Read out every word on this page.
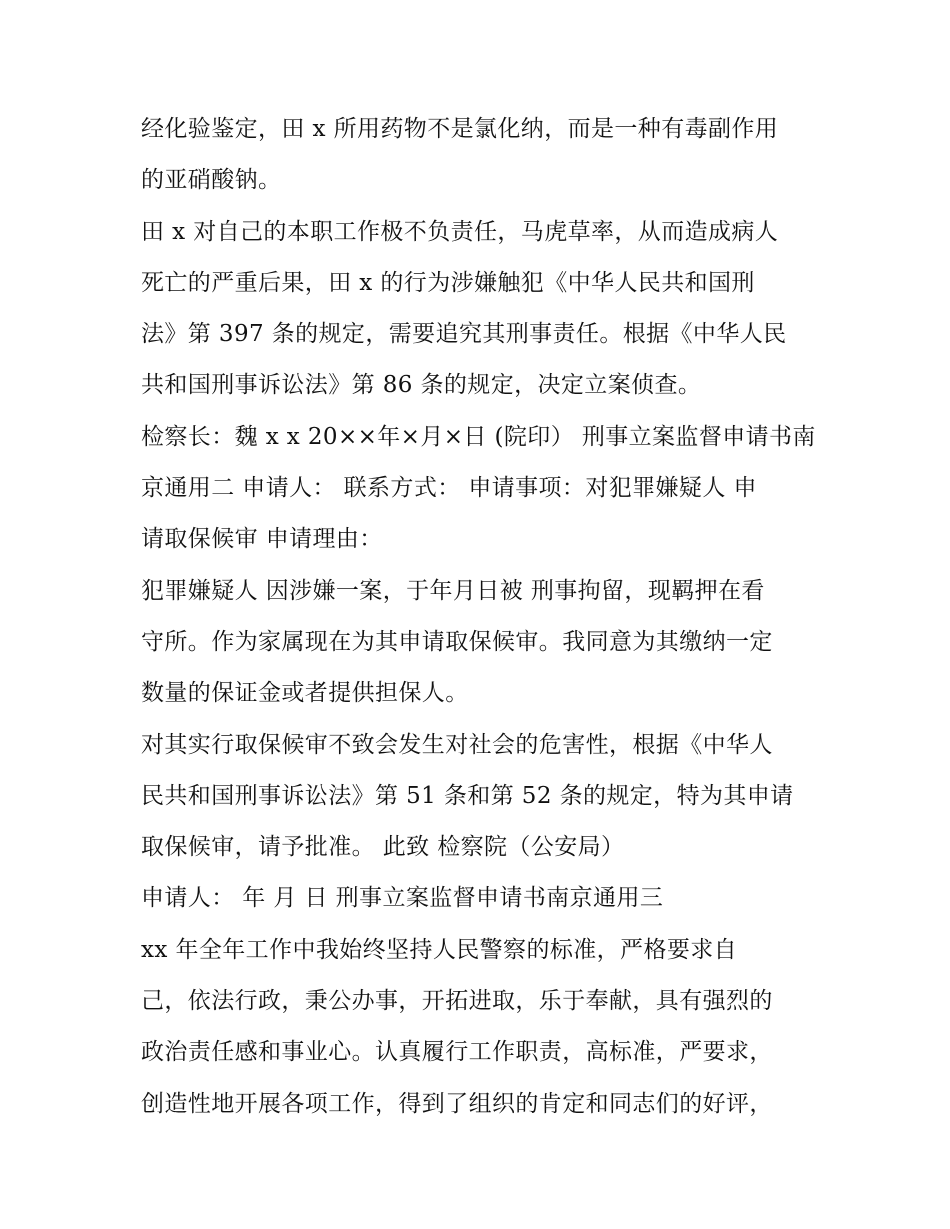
经化验鉴定，田 x 所用药物不是氯化纳，而是一种有毒副作用
的亚硝酸钠。
田 x 对自己的本职工作极不负责任，马虎草率，从而造成病人
死亡的严重后果，田 x 的行为涉嫌触犯《中华人民共和国刑
法》第 397 条的规定，需要追究其刑事责任。根据《中华人民
共和国刑事诉讼法》第 86 条的规定，决定立案侦查。
检察长：魏 x x 20××年×月×日 (院印） 刑事立案监督申请书南
京通用二 申请人： 联系方式： 申请事项：对犯罪嫌疑人 申
请取保候审 申请理由：
犯罪嫌疑人 因涉嫌一案，于年月日被 刑事拘留，现羁押在看
守所。作为家属现在为其申请取保候审。我同意为其缴纳一定
数量的保证金或者提供担保人。
对其实行取保候审不致会发生对社会的危害性，根据《中华人
民共和国刑事诉讼法》第 51 条和第 52 条的规定，特为其申请
取保候审，请予批准。 此致 检察院（公安局）
申请人： 年 月 日 刑事立案监督申请书南京通用三
xx 年全年工作中我始终坚持人民警察的标准，严格要求自
己，依法行政，秉公办事，开拓进取，乐于奉献，具有强烈的
政治责任感和事业心。认真履行工作职责，高标准，严要求，
创造性地开展各项工作，得到了组织的肯定和同志们的好评，
